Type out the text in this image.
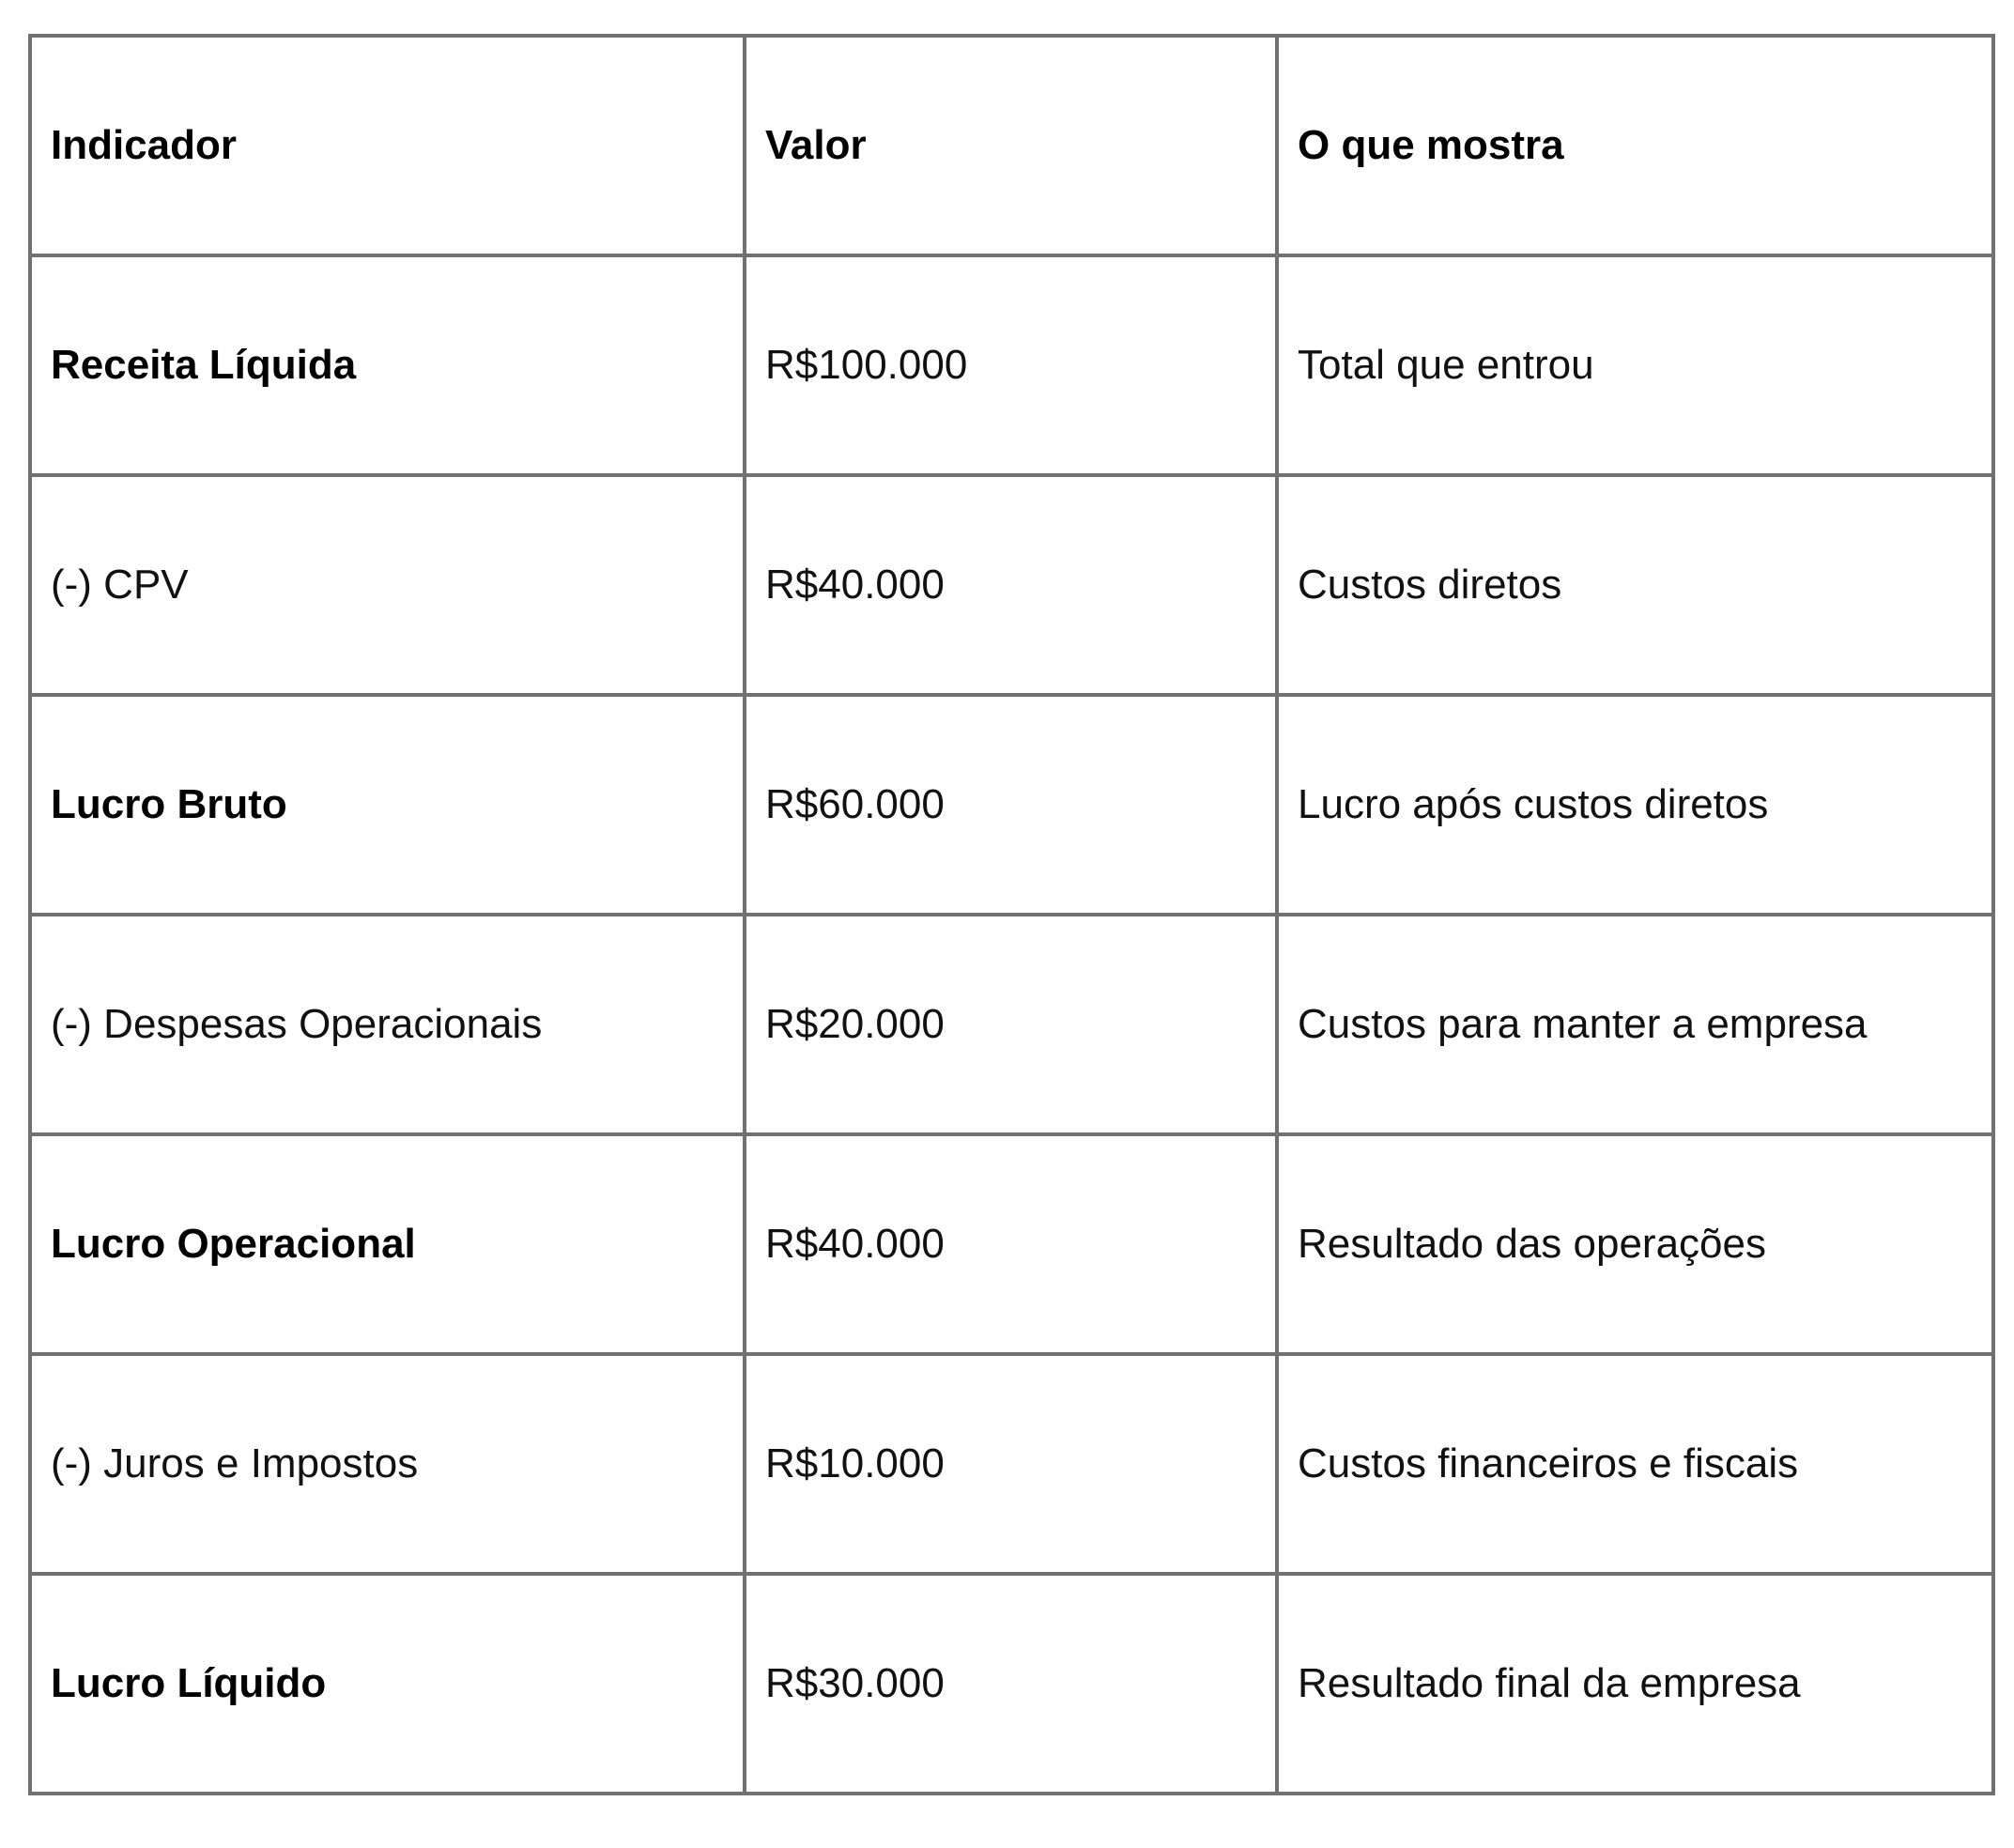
Indicador	Valor	O que mostra
Receita Líquida	R$100.000	Total que entrou
(-) CPV	R$40.000	Custos diretos
Lucro Bruto	R$60.000	Lucro após custos diretos
(-) Despesas Operacionais	R$20.000	Custos para manter a empresa
Lucro Operacional	R$40.000	Resultado das operações
(-) Juros e Impostos	R$10.000	Custos financeiros e fiscais
Lucro Líquido	R$30.000	Resultado final da empresa
